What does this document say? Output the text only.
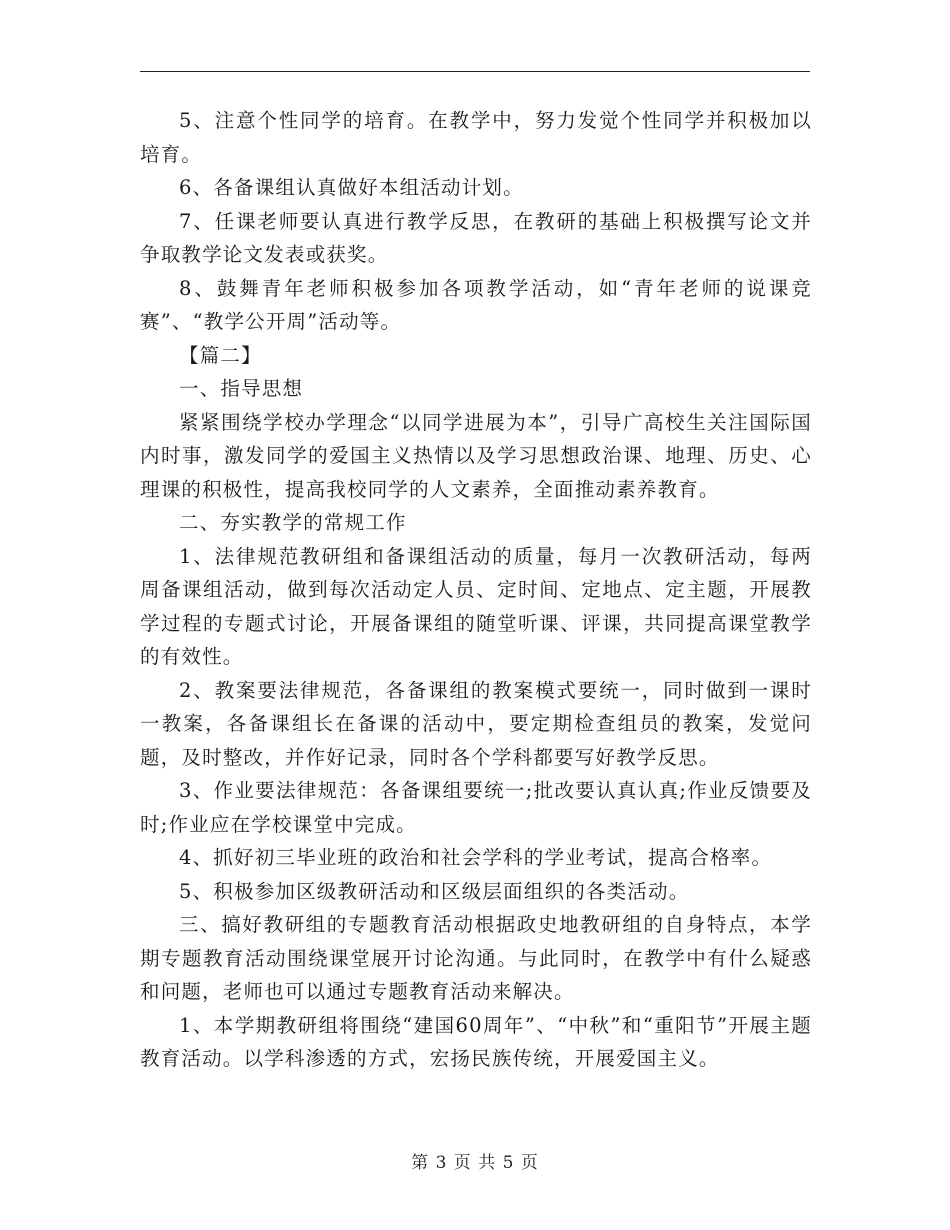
5、注意个性同学的培育。在教学中，努力发觉个性同学并积极加以培育。

6、各备课组认真做好本组活动计划。

7、任课老师要认真进行教学反思，在教研的基础上积极撰写论文并争取教学论文发表或获奖。

8、鼓舞青年老师积极参加各项教学活动，如“青年老师的说课竞赛”、“教学公开周”活动等。

【篇二】

一、指导思想

紧紧围绕学校办学理念“以同学进展为本”，引导广高校生关注国际国内时事，激发同学的爱国主义热情以及学习思想政治课、地理、历史、心理课的积极性，提高我校同学的人文素养，全面推动素养教育。

二、夯实教学的常规工作

1、法律规范教研组和备课组活动的质量，每月一次教研活动，每两周备课组活动，做到每次活动定人员、定时间、定地点、定主题，开展教学过程的专题式讨论，开展备课组的随堂听课、评课，共同提高课堂教学的有效性。

2、教案要法律规范，各备课组的教案模式要统一，同时做到一课时一教案，各备课组长在备课的活动中，要定期检查组员的教案，发觉问题，及时整改，并作好记录，同时各个学科都要写好教学反思。

3、作业要法律规范：各备课组要统一;批改要认真认真;作业反馈要及时;作业应在学校课堂中完成。

4、抓好初三毕业班的政治和社会学科的学业考试，提高合格率。

5、积极参加区级教研活动和区级层面组织的各类活动。

三、搞好教研组的专题教育活动根据政史地教研组的自身特点，本学期专题教育活动围绕课堂展开讨论沟通。与此同时，在教学中有什么疑惑和问题，老师也可以通过专题教育活动来解决。

1、本学期教研组将围绕“建国60周年”、“中秋”和“重阳节”开展主题教育活动。以学科渗透的方式，宏扬民族传统，开展爱国主义。

第 3 页 共 5 页
